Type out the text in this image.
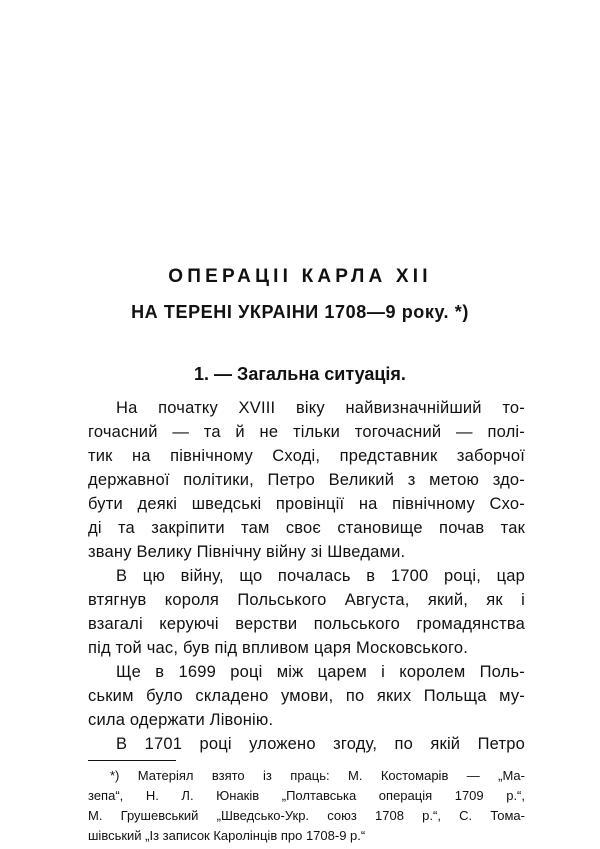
ОПЕРАЦІІ КАРЛА XII
НА ТЕРЕНІ УКРАІНИ 1708—9 року. *)
1. — Загальна ситуація.
На початку XVIII віку найвизначнійший то-
гочасний — та й не тільки тогочасний — полі-
тик на північному Сході, представник заборчої
державної політики, Петро Великий з метою здо-
бути деякі шведські провінції на північному Схо-
ді та закріпити там своє становище почав так
звану Велику Північну війну зі Шведами.
В цю війну, що почалась в 1700 році, цар
втягнув короля Польського Августа, який, як і
взагалі керуючі верстви польського громадянства
під той час, був під впливом царя Московського.
Ще в 1699 році між царем і королем Поль-
ським було складено умови, по яких Польща му-
сила одержати Лівонію.
В 1701 році уложено згоду, по якій Петро
*) Матеріял взято із праць: М. Костомарів — „Ма-
зепа“, Н. Л. Юнаків „Полтавська операція 1709 р.“,
М. Грушевський „Шведсько-Укр. союз 1708 р.“, С. Тома-
шівський „Із записок Каролінців про 1708-9 р.“
